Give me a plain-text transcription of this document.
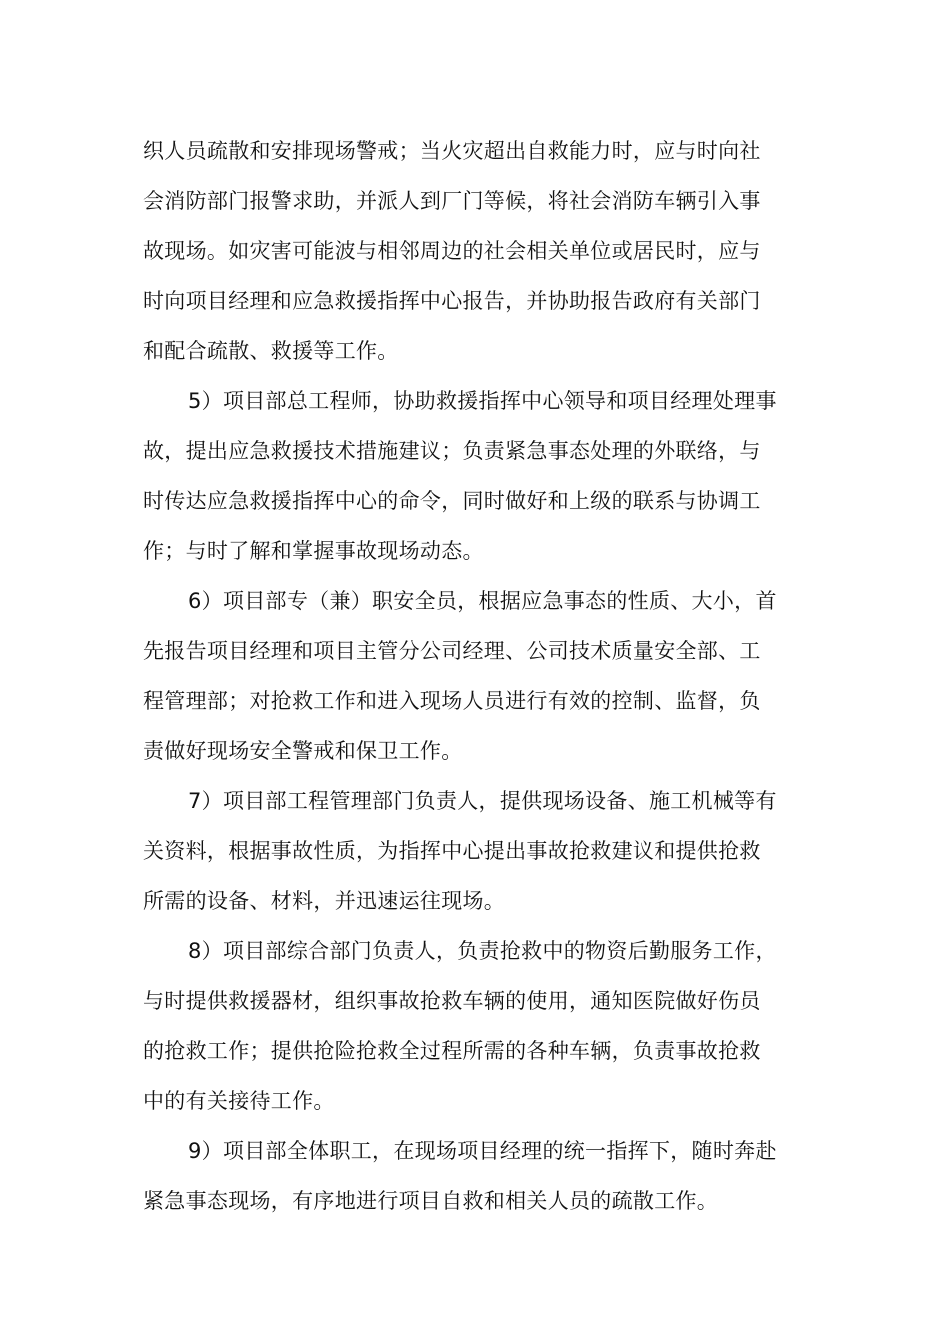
织人员疏散和安排现场警戒；当火灾超出自救能力时，应与时向社

会消防部门报警求助，并派人到厂门等候，将社会消防车辆引入事

故现场。如灾害可能波与相邻周边的社会相关单位或居民时，应与

时向项目经理和应急救援指挥中心报告，并协助报告政府有关部门

和配合疏散、救援等工作。

5）项目部总工程师，协助救援指挥中心领导和项目经理处理事

故，提出应急救援技术措施建议；负责紧急事态处理的外联络，与

时传达应急救援指挥中心的命令，同时做好和上级的联系与协调工

作；与时了解和掌握事故现场动态。

6）项目部专（兼）职安全员，根据应急事态的性质、大小，首

先报告项目经理和项目主管分公司经理、公司技术质量安全部、工

程管理部；对抢救工作和进入现场人员进行有效的控制、监督，负

责做好现场安全警戒和保卫工作。

7）项目部工程管理部门负责人，提供现场设备、施工机械等有

关资料，根据事故性质，为指挥中心提出事故抢救建议和提供抢救

所需的设备、材料，并迅速运往现场。

8）项目部综合部门负责人，负责抢救中的物资后勤服务工作，

与时提供救援器材，组织事故抢救车辆的使用，通知医院做好伤员

的抢救工作；提供抢险抢救全过程所需的各种车辆，负责事故抢救

中的有关接待工作。

9）项目部全体职工，在现场项目经理的统一指挥下，随时奔赴

紧急事态现场，有序地进行项目自救和相关人员的疏散工作。
